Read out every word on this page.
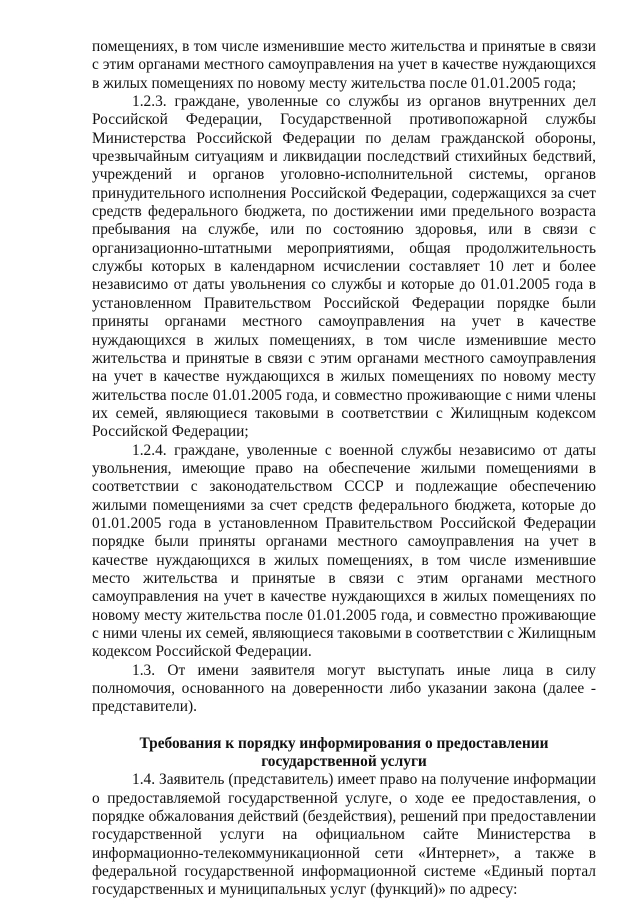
помещениях, в том числе изменившие место жительства и принятые в связи с этим органами местного самоуправления на учет в качестве нуждающихся в жилых помещениях по новому месту жительства после 01.01.2005 года;

1.2.3. граждане, уволенные со службы из органов внутренних дел Российской Федерации, Государственной противопожарной службы Министерства Российской Федерации по делам гражданской обороны, чрезвычайным ситуациям и ликвидации последствий стихийных бедствий, учреждений и органов уголовно-исполнительной системы, органов принудительного исполнения Российской Федерации, содержащихся за счет средств федерального бюджета, по достижении ими предельного возраста пребывания на службе, или по состоянию здоровья, или в связи с организационно-штатными мероприятиями, общая продолжительность службы которых в календарном исчислении составляет 10 лет и более независимо от даты увольнения со службы и которые до 01.01.2005 года в установленном Правительством Российской Федерации порядке были приняты органами местного самоуправления на учет в качестве нуждающихся в жилых помещениях, в том числе изменившие место жительства и принятые в связи с этим органами местного самоуправления на учет в качестве нуждающихся в жилых помещениях по новому месту жительства после 01.01.2005 года, и совместно проживающие с ними члены их семей, являющиеся таковыми в соответствии с Жилищным кодексом Российской Федерации;

1.2.4. граждане, уволенные с военной службы независимо от даты увольнения, имеющие право на обеспечение жилыми помещениями в соответствии с законодательством СССР и подлежащие обеспечению жилыми помещениями за счет средств федерального бюджета, которые до 01.01.2005 года в установленном Правительством Российской Федерации порядке были приняты органами местного самоуправления на учет в качестве нуждающихся в жилых помещениях, в том числе изменившие место жительства и принятые в связи с этим органами местного самоуправления на учет в качестве нуждающихся в жилых помещениях по новому месту жительства после 01.01.2005 года, и совместно проживающие с ними члены их семей, являющиеся таковыми в соответствии с Жилищным кодексом Российской Федерации.

1.3. От имени заявителя могут выступать иные лица в силу полномочия, основанного на доверенности либо указании закона (далее - представители).

Требования к порядку информирования о предоставлении государственной услуги

1.4. Заявитель (представитель) имеет право на получение информации о предоставляемой государственной услуге, о ходе ее предоставления, о порядке обжалования действий (бездействия), решений при предоставлении государственной услуги на официальном сайте Министерства в информационно-телекоммуникационной сети «Интернет», а также в федеральной государственной информационной системе «Единый портал государственных и муниципальных услуг (функций)» по адресу:
